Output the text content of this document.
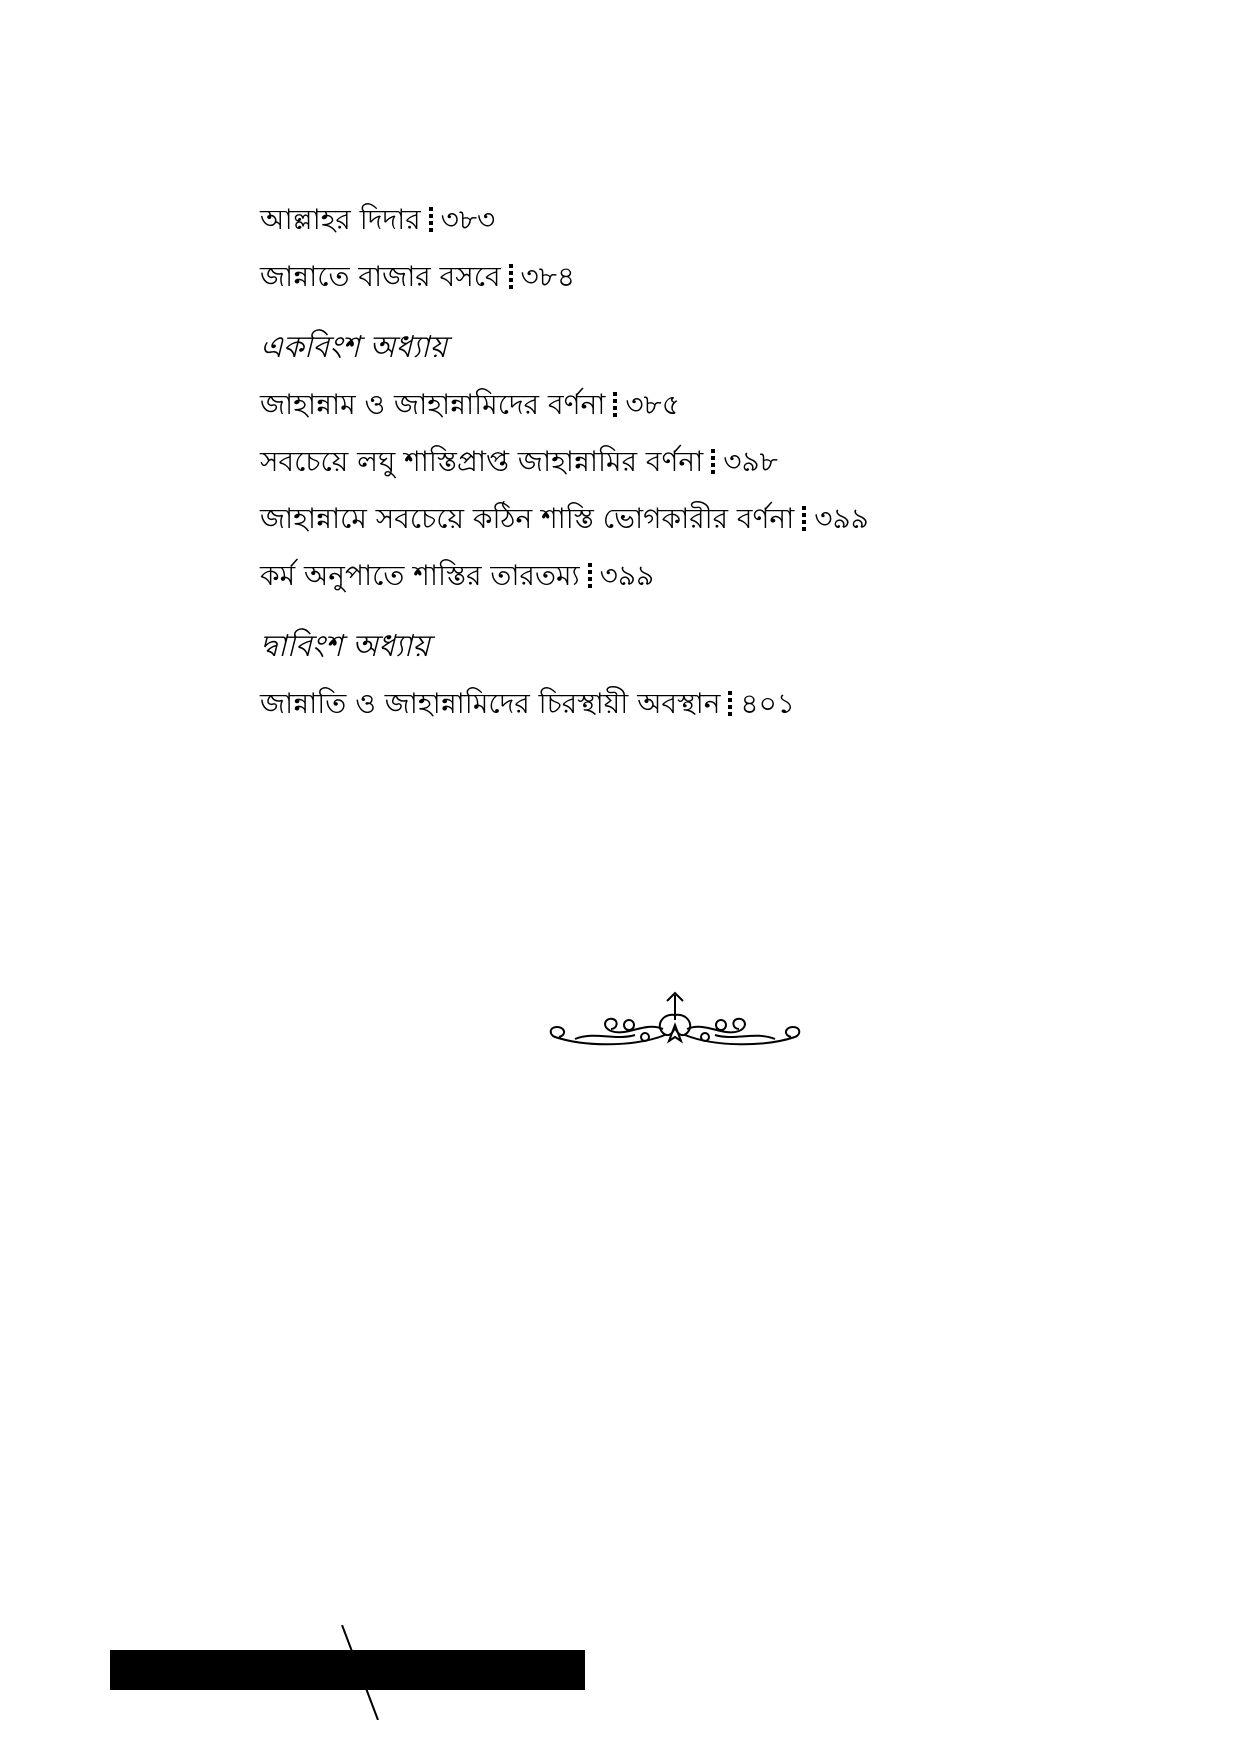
আল্লাহর দিদার ৩৮৩
জান্নাতে বাজার বসবে ৩৮৪
একবিংশ অধ্যায়
জাহান্নাম ও জাহান্নামিদের বর্ণনা ৩৮৫
সবচেয়ে লঘু শাস্তিপ্রাপ্ত জাহান্নামির বর্ণনা ৩৯৮
জাহান্নামে সবচেয়ে কঠিন শাস্তি ভোগকারীর বর্ণনা ৩৯৯
কর্ম অনুপাতে শাস্তির তারতম্য ৩৯৯
দ্বাবিংশ অধ্যায়
জান্নাতি ও জাহান্নামিদের চিরস্থায়ী অবস্থান ৪০১
